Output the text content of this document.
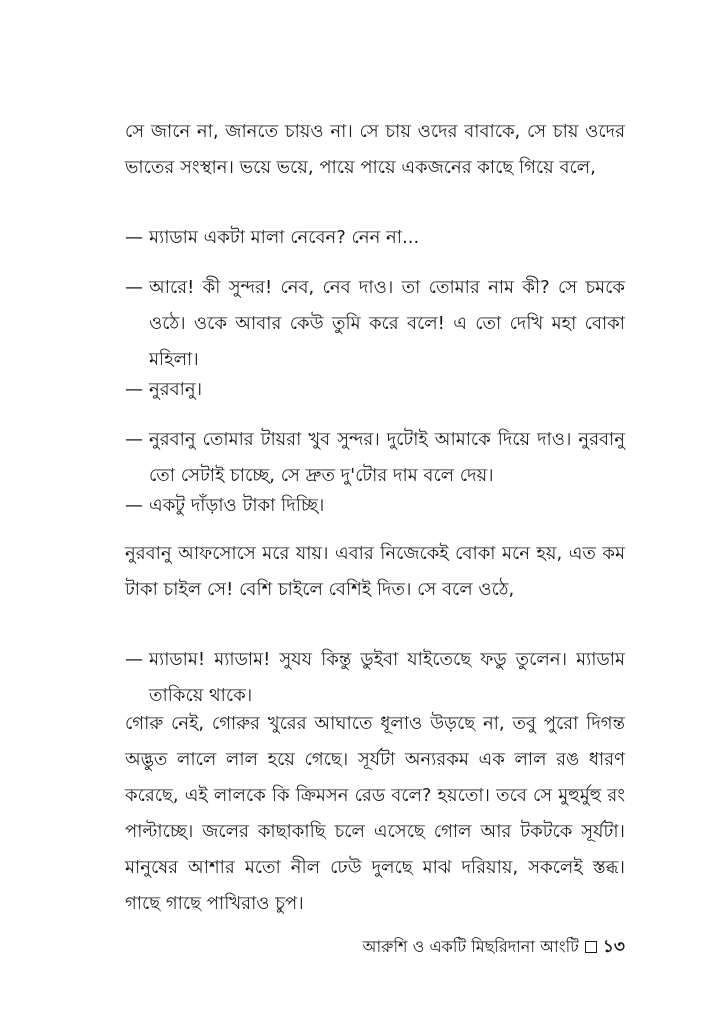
সে জানে না, জানতে চায়ও না। সে চায় ওদের বাবাকে, সে চায় ওদের ভাতের সংস্থান। ভয়ে ভয়ে, পায়ে পায়ে একজনের কাছে গিয়ে বলে,
— ম্যাডাম একটা মালা নেবেন? নেন না...
— আরে! কী সুন্দর! নেব, নেব দাও। তা তোমার নাম কী? সে চমকে ওঠে। ওকে আবার কেউ তুমি করে বলে! এ তো দেখি মহা বোকা মহিলা।
— নুরবানু।
— নুরবানু তোমার টায়রা খুব সুন্দর। দুটোই আমাকে দিয়ে দাও। নুরবানু তো সেটাই চাচ্ছে, সে দ্রুত দু'টোর দাম বলে দেয়।
— একটু দাঁড়াও টাকা দিচ্ছি।
নুরবানু আফসোসে মরে যায়। এবার নিজেকেই বোকা মনে হয়, এত কম টাকা চাইল সে! বেশি চাইলে বেশিই দিত। সে বলে ওঠে,
— ম্যাডাম! ম্যাডাম! সুযয কিন্তু ডুইবা যাইতেছে ফডু তুলেন। ম্যাডাম তাকিয়ে থাকে।
গোরু নেই, গোরুর খুরের আঘাতে ধূলাও উড়ছে না, তবু পুরো দিগন্ত অদ্ভুত লালে লাল হয়ে গেছে। সূর্যটা অন্যরকম এক লাল রঙ ধারণ করেছে, এই লালকে কি ক্রিমসন রেড বলে? হয়তো। তবে সে মুহুর্মুহু রং পাল্টাচ্ছে। জলের কাছাকাছি চলে এসেছে গোল আর টকটকে সূর্যটা। মানুষের আশার মতো নীল ঢেউ দুলছে মাঝ দরিয়ায়, সকলেই স্তব্ধ। গাছে গাছে পাখিরাও চুপ।
আরুশি ও একটি মিছরিদানা আংটি ১৩
